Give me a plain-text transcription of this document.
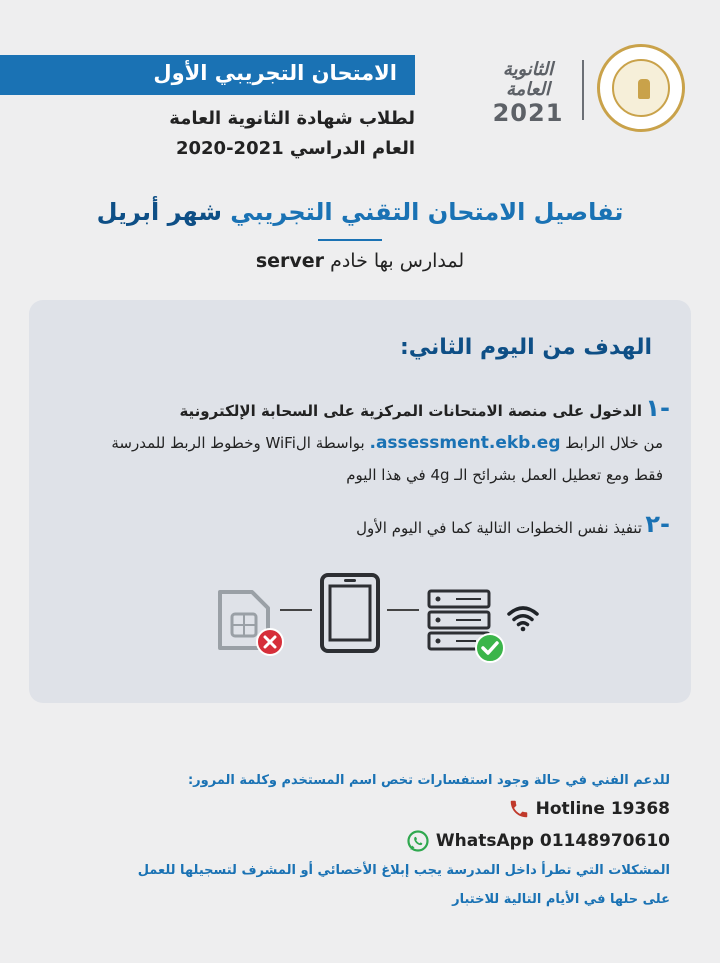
الامتحان التجريبي الأول
لطلاب شهادة الثانوية العامة
العام الدراسي 2021-2020
الثانوية العامة
2021
تفاصيل الامتحان التقني التجريبي شهر أبريل
لمدارس بها خادم server
الهدف من اليوم الثاني:
١-
الدخول على منصة الامتحانات المركزية على السحابة الإلكترونية
من خلال الرابط assessment.ekb.eg. بواسطة الWiFi وخطوط الربط للمدرسة
فقط ومع تعطيل العمل بشرائح الـ 4g في هذا اليوم
٢-
تنفيذ نفس الخطوات التالية كما في اليوم الأول
للدعم الفني في حالة وجود استفسارات تخص اسم المستخدم وكلمة المرور:
Hotline 19368
WhatsApp 01148970610
المشكلات التي تطرأ داخل المدرسة يجب إبلاغ الأخصائي أو المشرف لتسجيلها للعمل
على حلها في الأيام التالية للاختبار
